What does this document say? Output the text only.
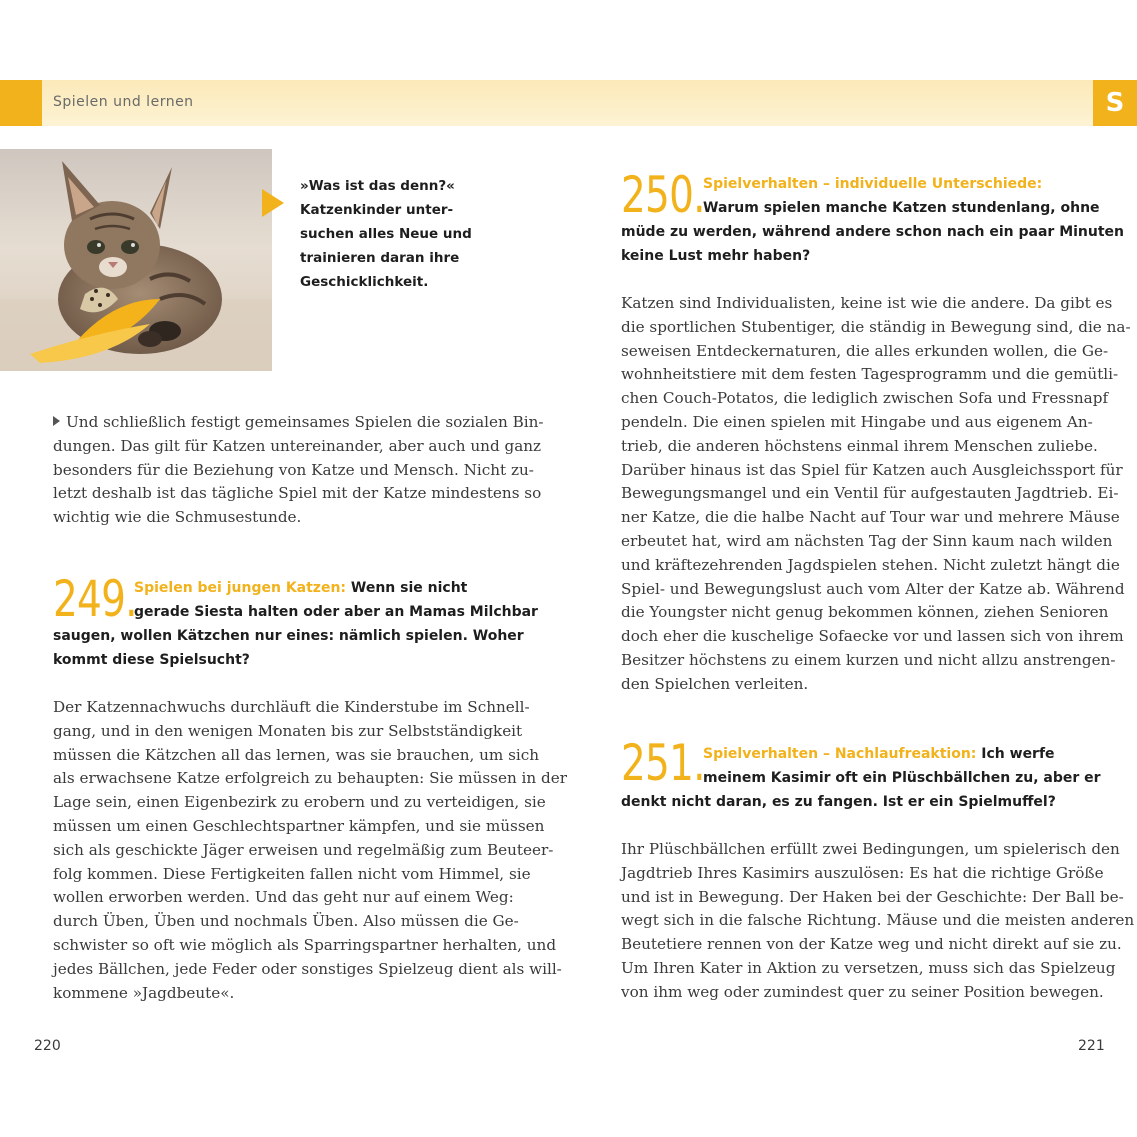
Spielen und lernen	S
»Was ist das denn?«
Katzenkinder unter-
suchen alles Neue und
trainieren daran ihre
Geschicklichkeit.
Und schließlich festigt gemeinsames Spielen die sozialen Bin-
dungen. Das gilt für Katzen untereinander, aber auch und ganz
besonders für die Beziehung von Katze und Mensch. Nicht zu-
letzt deshalb ist das tägliche Spiel mit der Katze mindestens so
wichtig wie die Schmusestunde.
249.
Spielen bei jungen Katzen: Wenn sie nicht
gerade Siesta halten oder aber an Mamas Milchbar
saugen, wollen Kätzchen nur eines: nämlich spielen. Woher
kommt diese Spielsucht?
Der Katzennachwuchs durchläuft die Kinderstube im Schnell-
gang, und in den wenigen Monaten bis zur Selbstständigkeit
müssen die Kätzchen all das lernen, was sie brauchen, um sich
als erwachsene Katze erfolgreich zu behaupten: Sie müssen in der
Lage sein, einen Eigenbezirk zu erobern und zu verteidigen, sie
müssen um einen Geschlechtspartner kämpfen, und sie müssen
sich als geschickte Jäger erweisen und regelmäßig zum Beuteer-
folg kommen. Diese Fertigkeiten fallen nicht vom Himmel, sie
wollen erworben werden. Und das geht nur auf einem Weg:
durch Üben, Üben und nochmals Üben. Also müssen die Ge-
schwister so oft wie möglich als Sparringspartner herhalten, und
jedes Bällchen, jede Feder oder sonstiges Spielzeug dient als will-
kommene »Jagdbeute«.
250.
Spielverhalten – individuelle Unterschiede:
Warum spielen manche Katzen stundenlang, ohne
müde zu werden, während andere schon nach ein paar Minuten
keine Lust mehr haben?
Katzen sind Individualisten, keine ist wie die andere. Da gibt es
die sportlichen Stubentiger, die ständig in Bewegung sind, die na-
seweisen Entdeckernaturen, die alles erkunden wollen, die Ge-
wohnheitstiere mit dem festen Tagesprogramm und die gemütli-
chen Couch-Potatos, die lediglich zwischen Sofa und Fressnapf
pendeln. Die einen spielen mit Hingabe und aus eigenem An-
trieb, die anderen höchstens einmal ihrem Menschen zuliebe.
Darüber hinaus ist das Spiel für Katzen auch Ausgleichssport für
Bewegungsmangel und ein Ventil für aufgestauten Jagdtrieb. Ei-
ner Katze, die die halbe Nacht auf Tour war und mehrere Mäuse
erbeutet hat, wird am nächsten Tag der Sinn kaum nach wilden
und kräftezehrenden Jagdspielen stehen. Nicht zuletzt hängt die
Spiel- und Bewegungslust auch vom Alter der Katze ab. Während
die Youngster nicht genug bekommen können, ziehen Senioren
doch eher die kuschelige Sofaecke vor und lassen sich von ihrem
Besitzer höchstens zu einem kurzen und nicht allzu anstrengen-
den Spielchen verleiten.
251.
Spielverhalten – Nachlaufreaktion: Ich werfe
meinem Kasimir oft ein Plüschbällchen zu, aber er
denkt nicht daran, es zu fangen. Ist er ein Spielmuffel?
Ihr Plüschbällchen erfüllt zwei Bedingungen, um spielerisch den
Jagdtrieb Ihres Kasimirs auszulösen: Es hat die richtige Größe
und ist in Bewegung. Der Haken bei der Geschichte: Der Ball be-
wegt sich in die falsche Richtung. Mäuse und die meisten anderen
Beutetiere rennen von der Katze weg und nicht direkt auf sie zu.
Um Ihren Kater in Aktion zu versetzen, muss sich das Spielzeug
von ihm weg oder zumindest quer zu seiner Position bewegen.
220	221
